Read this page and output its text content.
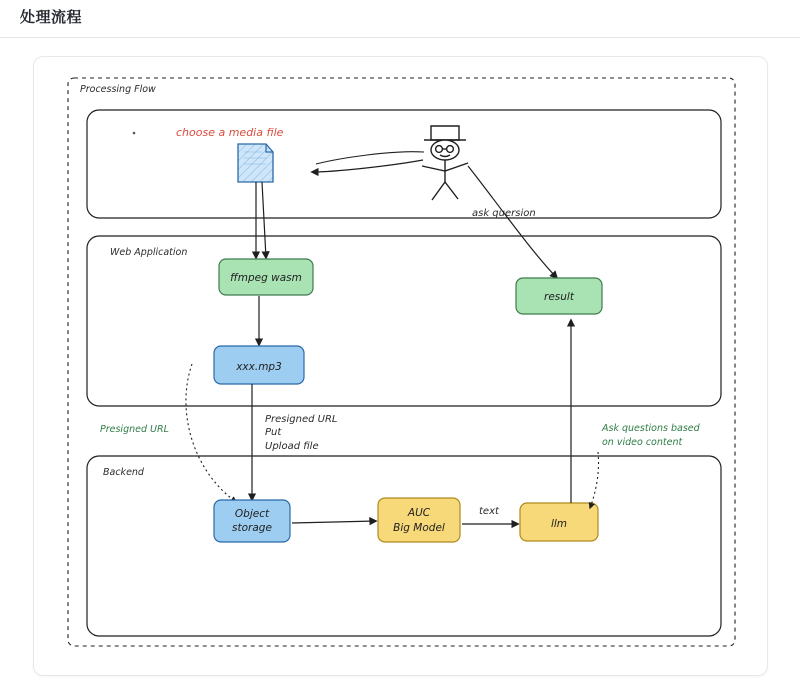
处理流程
Processing Flow
Web Application
Backend
choose a media file
ask quersion
ffmpeg wasm
result
xxx.mp3
Presigned URL
Presigned URL
Put
Upload file
Ask questions based
on video content
Object
storage
AUC
Big Model
text
llm
